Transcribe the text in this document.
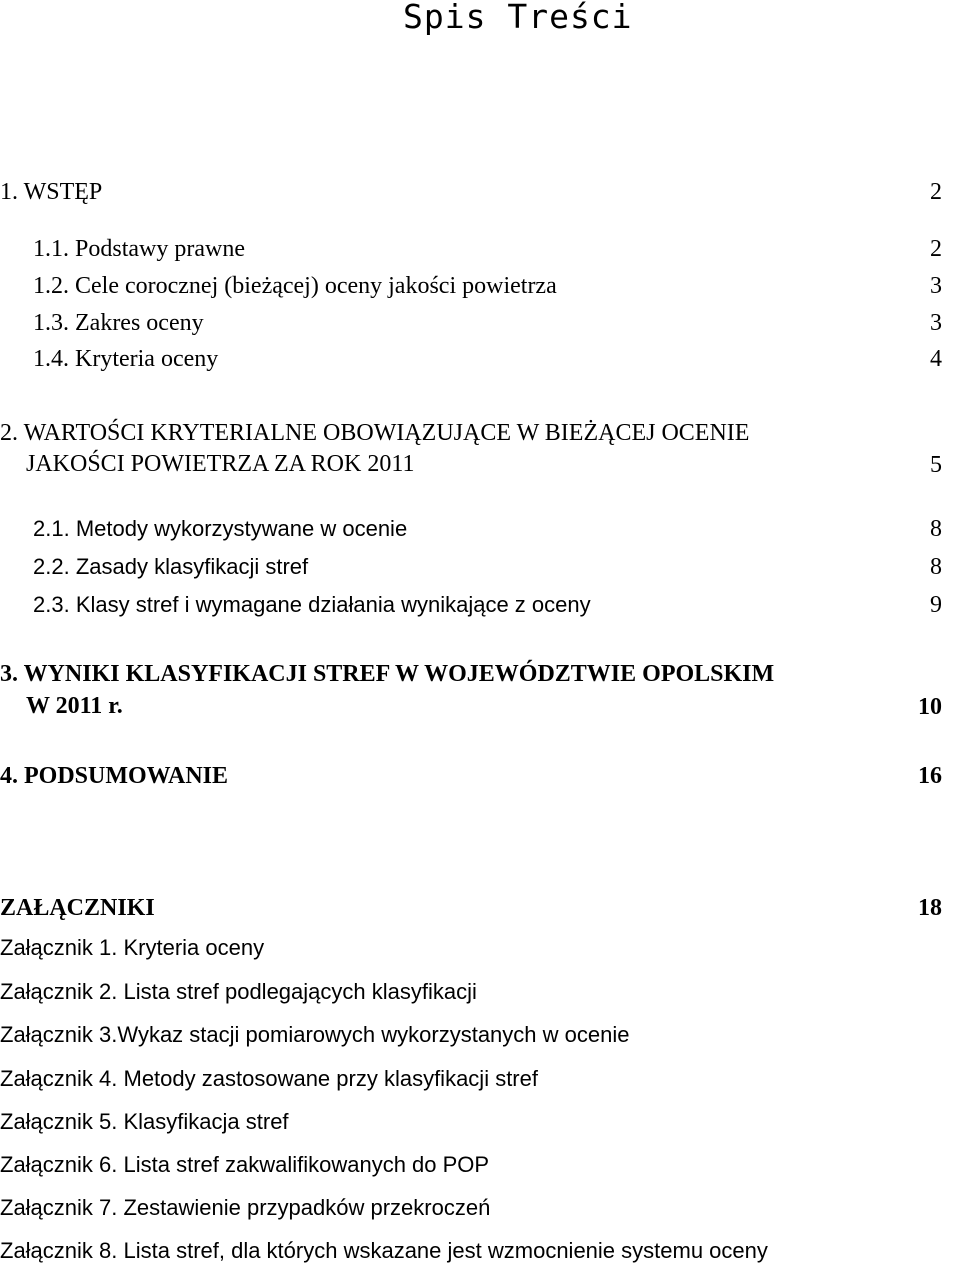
Spis Treści
1. WSTĘP	2
1.1. Podstawy prawne	2
1.2. Cele corocznej (bieżącej) oceny jakości powietrza	3
1.3. Zakres oceny	3
1.4. Kryteria oceny	4
2. WARTOŚCI KRYTERIALNE OBOWIĄZUJĄCE W BIEŻĄCEJ OCENIE
JAKOŚCI POWIETRZA ZA ROK 2011	5
2.1. Metody wykorzystywane w ocenie	8
2.2. Zasady klasyfikacji stref	8
2.3. Klasy stref i wymagane działania wynikające z oceny	9
3. WYNIKI KLASYFIKACJI STREF W WOJEWÓDZTWIE OPOLSKIM
W 2011 r.	10
4. PODSUMOWANIE	16
ZAŁĄCZNIKI	18
Załącznik 1. Kryteria oceny
Załącznik 2. Lista stref podlegających klasyfikacji
Załącznik 3.Wykaz stacji pomiarowych wykorzystanych w ocenie
Załącznik 4. Metody zastosowane przy klasyfikacji stref
Załącznik 5. Klasyfikacja stref
Załącznik 6. Lista stref zakwalifikowanych do POP
Załącznik 7. Zestawienie przypadków przekroczeń
Załącznik 8. Lista stref, dla których wskazane jest wzmocnienie systemu oceny
